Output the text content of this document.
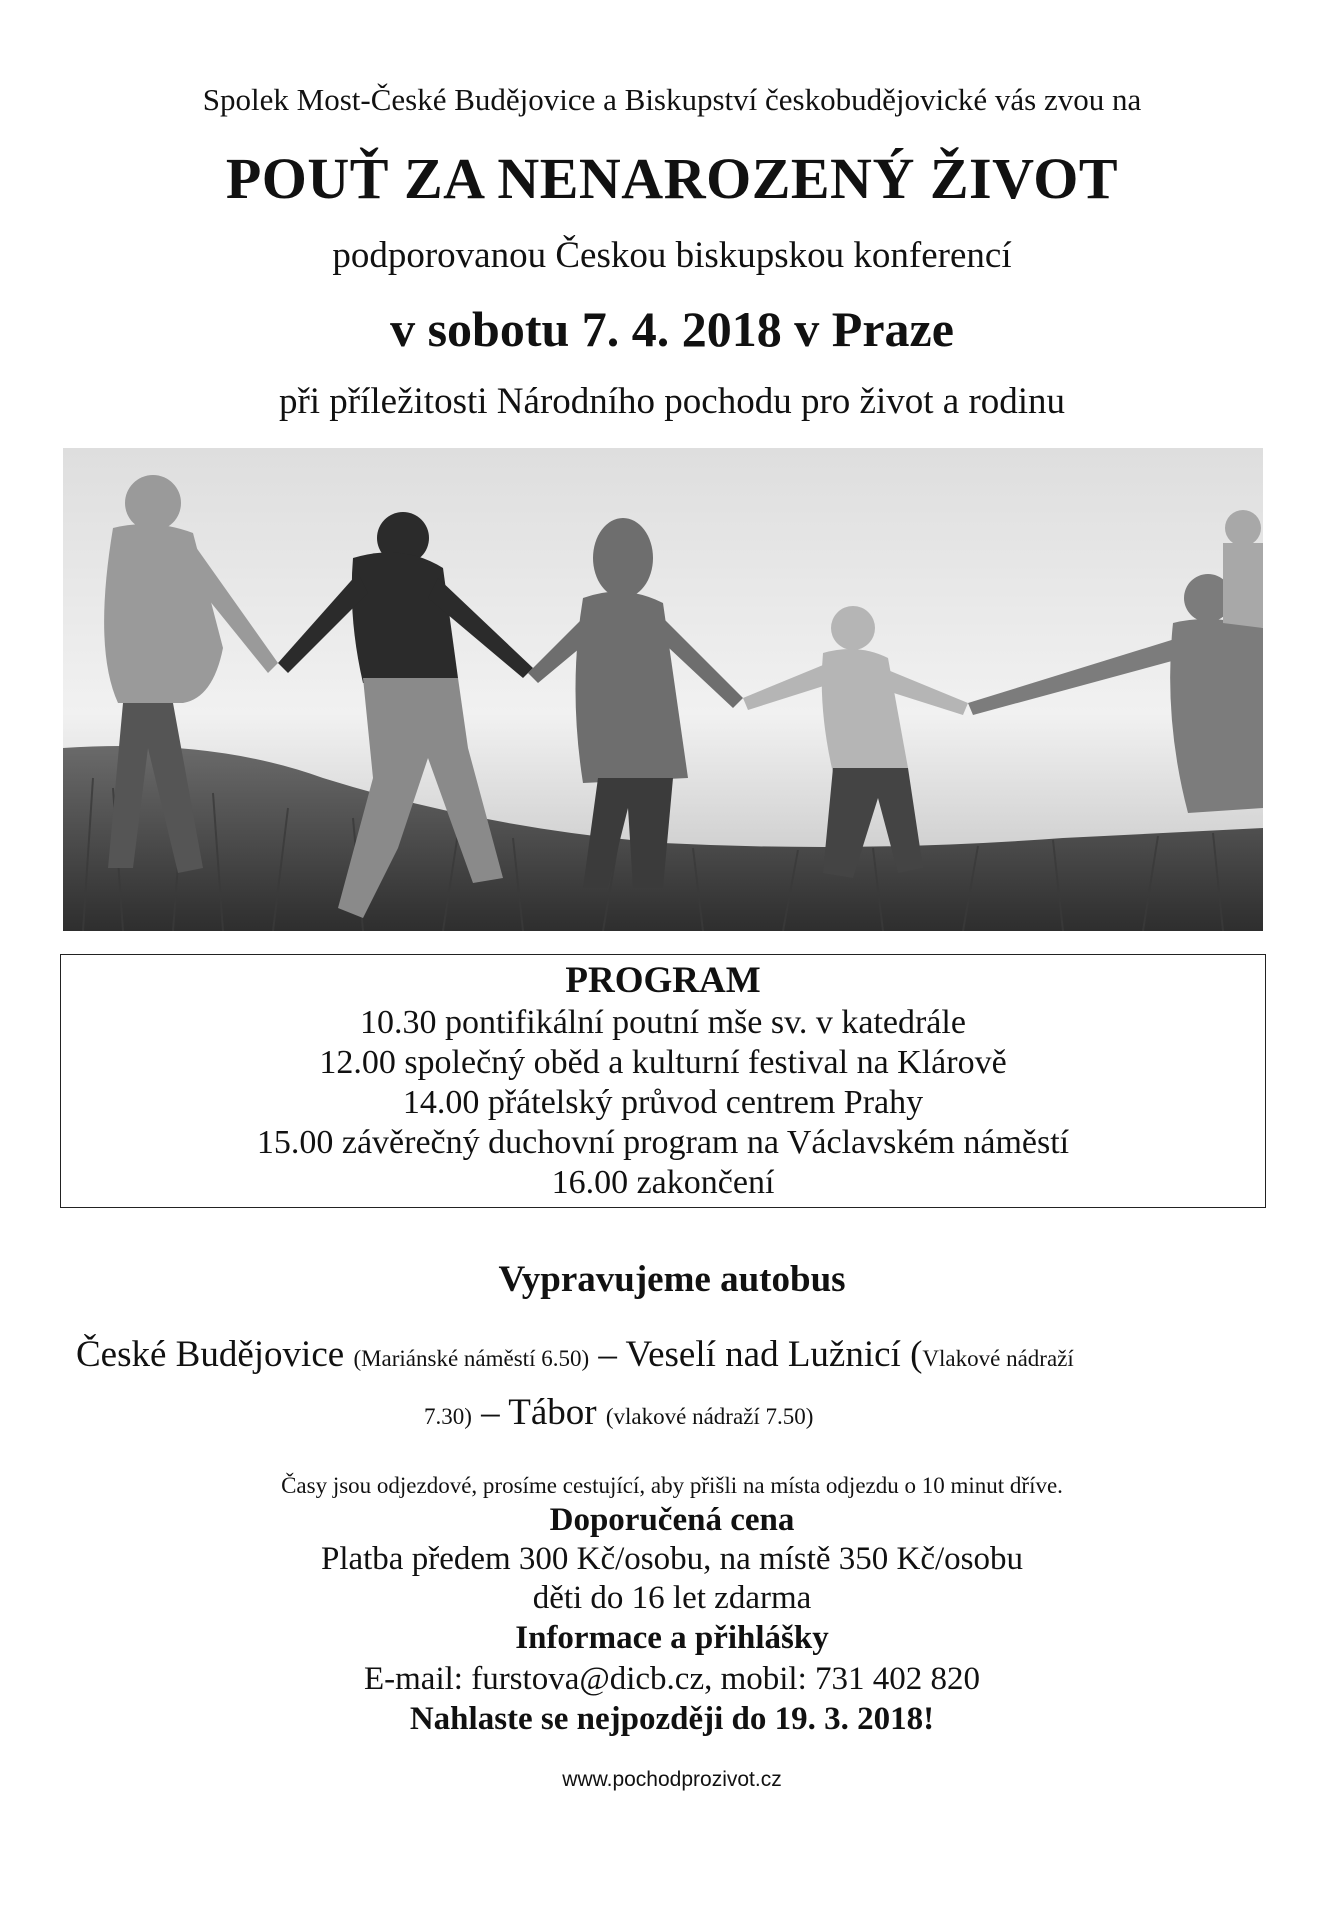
Spolek Most-České Budějovice a Biskupství českobudějovické vás zvou na
POUŤ ZA NENAROZENÝ ŽIVOT
podporovanou Českou biskupskou konferencí
v sobotu 7. 4. 2018 v Praze
při příležitosti Národního pochodu pro život a rodinu
PROGRAM
10.30 pontifikální poutní mše sv. v katedrále
12.00 společný oběd a kulturní festival na Klárově
14.00 přátelský průvod centrem Prahy
15.00 závěrečný duchovní program na Václavském náměstí
16.00 zakončení
Vypravujeme autobus
České Budějovice (Mariánské náměstí 6.50) – Veselí nad Lužnicí (Vlakové nádraží
7.30) – Tábor (vlakové nádraží 7.50)
Časy jsou odjezdové, prosíme cestující, aby přišli na místa odjezdu o 10 minut dříve.
Doporučená cena
Platba předem 300 Kč/osobu, na místě 350 Kč/osobu
děti do 16 let zdarma
Informace a přihlášky
E-mail: furstova@dicb.cz, mobil: 731 402 820
Nahlaste se nejpozději do 19. 3. 2018!
www.pochodprozivot.cz
